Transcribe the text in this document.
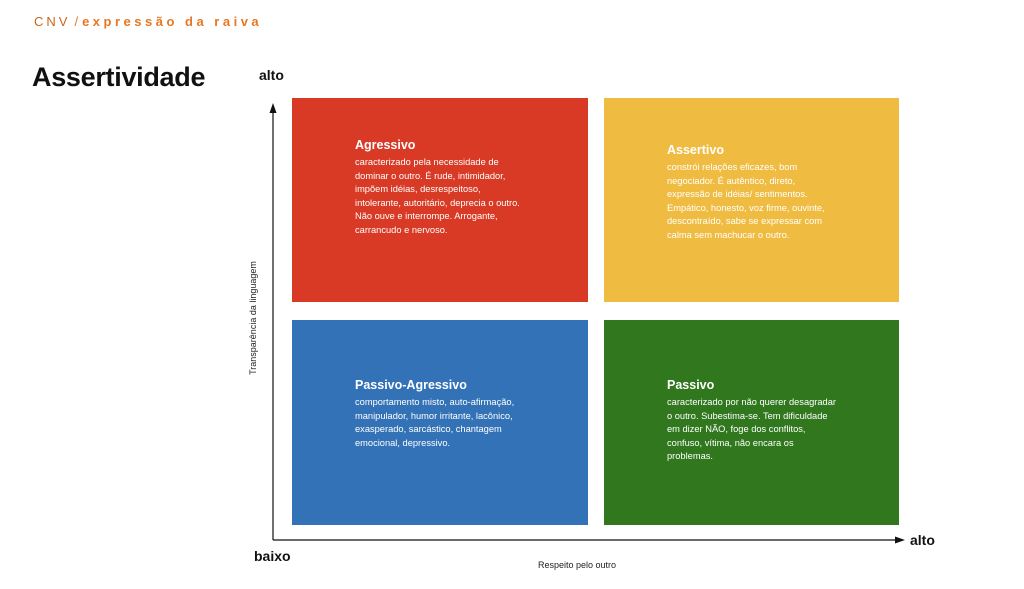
CNV / expressão da raiva
Assertividade	alto
baixo
alto
Transparência da linguagem
Respeito pelo outro
Agressivo
caracterizado pela necessidade de dominar o outro. É rude, intimidador, impõem idéias, desrespeitoso, intolerante, autoritário, deprecia o outro. Não ouve e interrompe. Arrogante, carrancudo e nervoso.
Assertivo
constrói relações eficazes, bom negociador. É autêntico, direto, expressão de idéias/ sentimentos. Empático, honesto, voz firme, ouvinte, descontraído, sabe se expressar com calma sem machucar o outro.
Passivo-Agressivo
comportamento misto, auto-afirmação, manipulador, humor irritante, lacônico, exasperado, sarcástico, chantagem emocional, depressivo.
Passivo
caracterizado por não querer desagradar o outro. Subestima-se. Tem dificuldade em dizer NÃO, foge dos conflitos, confuso, vítima, não encara os problemas.
